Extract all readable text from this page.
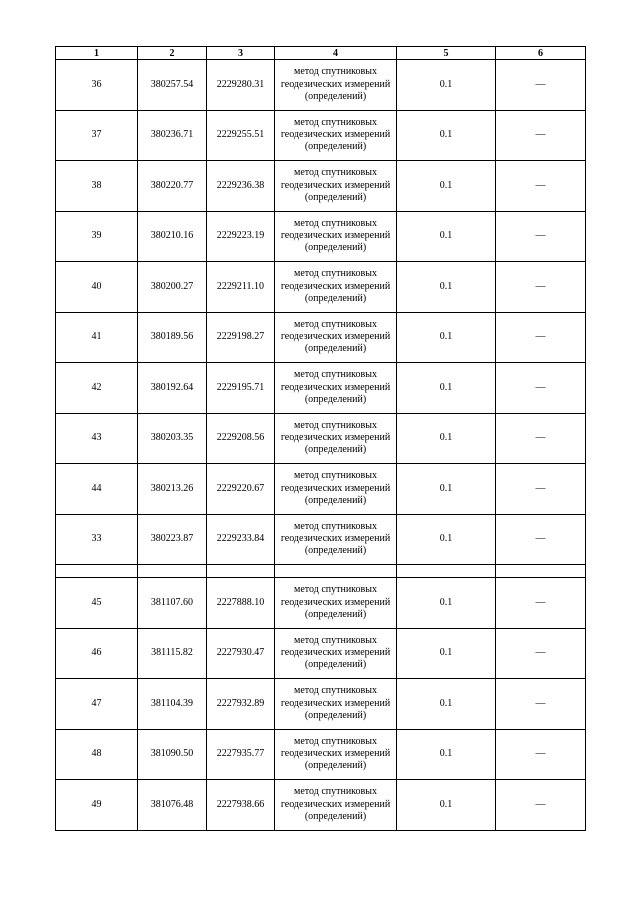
1	2	3	4	5	6
36	380257.54	2229280.31	метод спутниковых геодезических измерений (определений)	0.1	—
37	380236.71	2229255.51	метод спутниковых геодезических измерений (определений)	0.1	—
38	380220.77	2229236.38	метод спутниковых геодезических измерений (определений)	0.1	—
39	380210.16	2229223.19	метод спутниковых геодезических измерений (определений)	0.1	—
40	380200.27	2229211.10	метод спутниковых геодезических измерений (определений)	0.1	—
41	380189.56	2229198.27	метод спутниковых геодезических измерений (определений)	0.1	—
42	380192.64	2229195.71	метод спутниковых геодезических измерений (определений)	0.1	—
43	380203.35	2229208.56	метод спутниковых геодезических измерений (определений)	0.1	—
44	380213.26	2229220.67	метод спутниковых геодезических измерений (определений)	0.1	—
33	380223.87	2229233.84	метод спутниковых геодезических измерений (определений)	0.1	—

45	381107.60	2227888.10	метод спутниковых геодезических измерений (определений)	0.1	—
46	381115.82	2227930.47	метод спутниковых геодезических измерений (определений)	0.1	—
47	381104.39	2227932.89	метод спутниковых геодезических измерений (определений)	0.1	—
48	381090.50	2227935.77	метод спутниковых геодезических измерений (определений)	0.1	—
49	381076.48	2227938.66	метод спутниковых геодезических измерений (определений)	0.1	—
